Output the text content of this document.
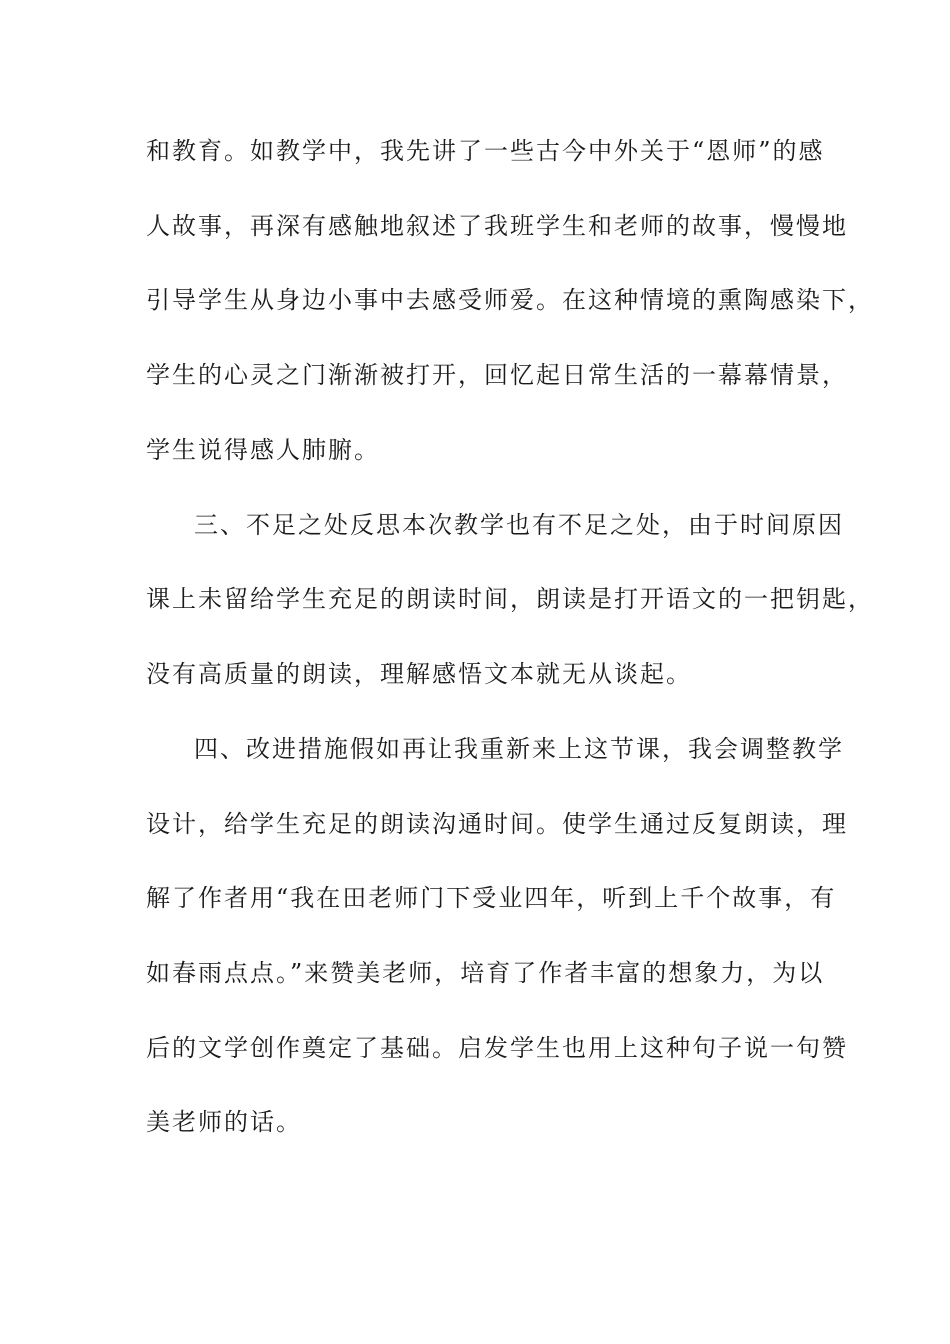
和教育。如教学中，我先讲了一些古今中外关于“恩师”的感
人故事，再深有感触地叙述了我班学生和老师的故事，慢慢地
引导学生从身边小事中去感受师爱。在这种情境的熏陶感染下，
学生的心灵之门渐渐被打开，回忆起日常生活的一幕幕情景，
学生说得感人肺腑。
三、不足之处反思本次教学也有不足之处，由于时间原因
课上未留给学生充足的朗读时间，朗读是打开语文的一把钥匙，
没有高质量的朗读，理解感悟文本就无从谈起。
四、改进措施假如再让我重新来上这节课，我会调整教学
设计，给学生充足的朗读沟通时间。使学生通过反复朗读，理
解了作者用“我在田老师门下受业四年，听到上千个故事，有
如春雨点点。”来赞美老师，培育了作者丰富的想象力，为以
后的文学创作奠定了基础。启发学生也用上这种句子说一句赞
美老师的话。
